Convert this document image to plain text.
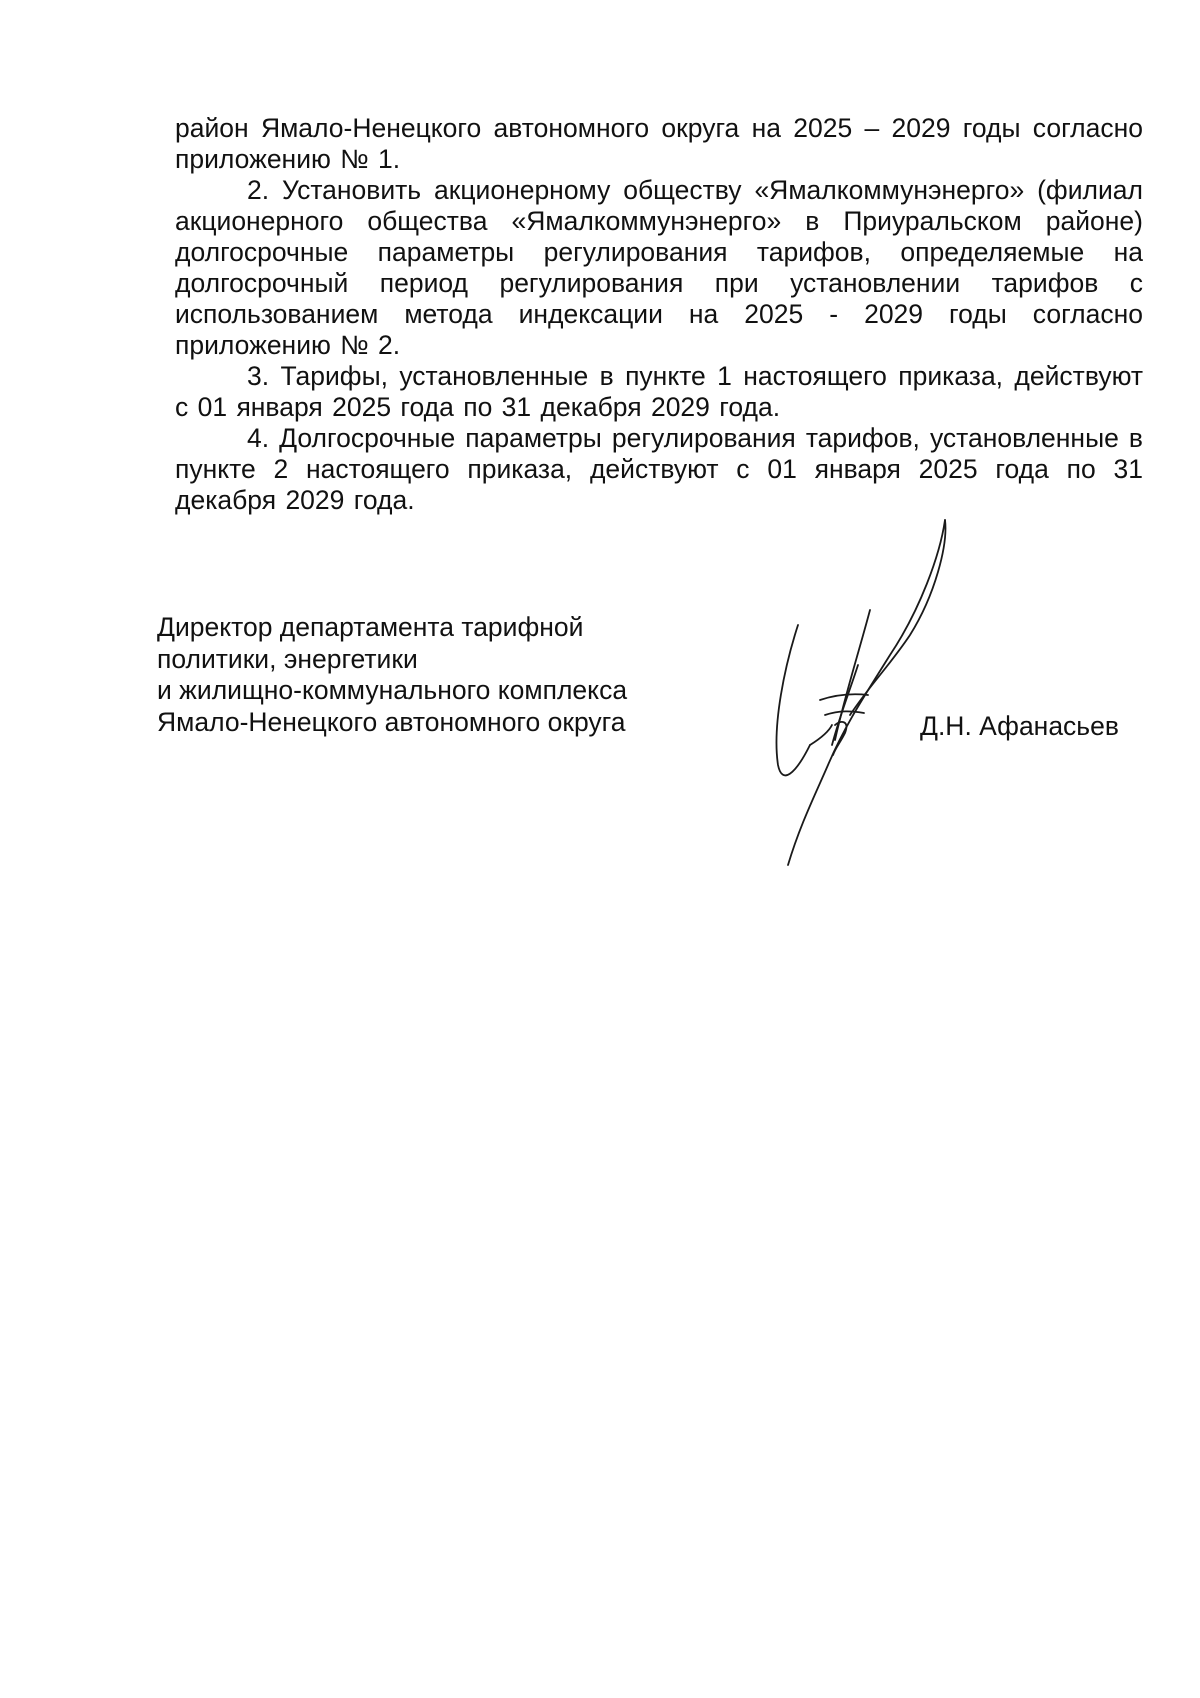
район Ямало-Ненецкого автономного округа на 2025 – 2029 годы согласно приложению № 1.

2. Установить акционерному обществу «Ямалкоммунэнерго» (филиал акционерного общества «Ямалкоммунэнерго» в Приуральском районе) долгосрочные параметры регулирования тарифов, определяемые на долгосрочный период регулирования при установлении тарифов с использованием метода индексации на 2025 - 2029 годы согласно приложению № 2.

3. Тарифы, установленные в пункте 1 настоящего приказа, действуют с 01 января 2025 года по 31 декабря 2029 года.

4. Долгосрочные параметры регулирования тарифов, установленные в пункте 2 настоящего приказа, действуют с 01 января 2025 года по 31 декабря 2029 года.

Директор департамента тарифной
политики, энергетики
и жилищно-коммунального комплекса
Ямало-Ненецкого автономного округа	Д.Н. Афанасьев
